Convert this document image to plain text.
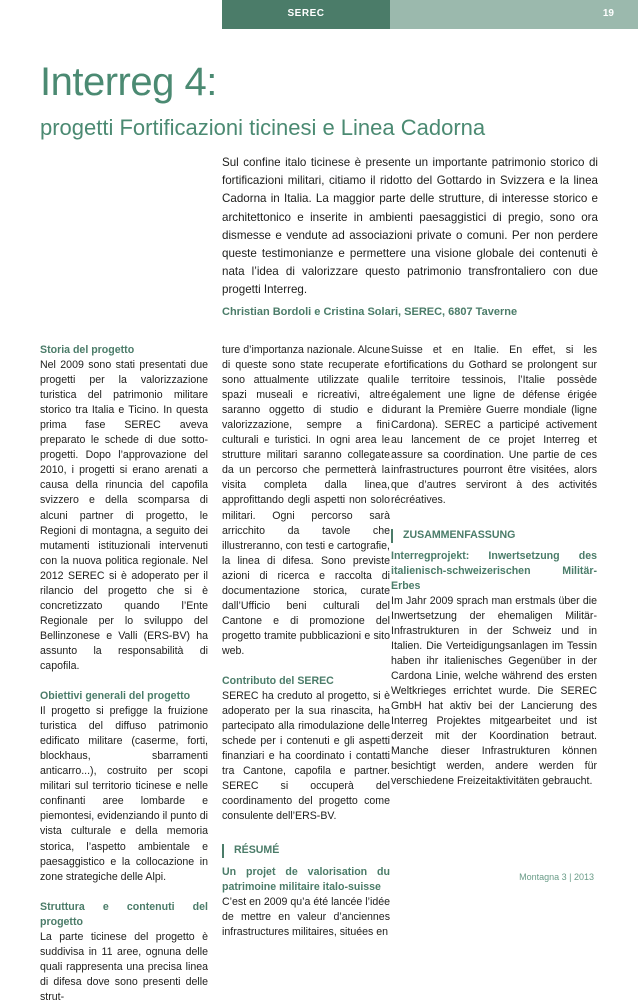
SEREC	19
Interreg 4:
progetti Fortificazioni ticinesi e Linea Cadorna

Sul confine italo ticinese è presente un importante patrimonio storico di fortificazioni militari, citiamo il ridotto del Gottardo in Svizzera e la linea Cadorna in Italia. La maggior parte delle strutture, di interesse storico e architettonico e inserite in ambienti paesaggistici di pregio, sono ora dismesse e vendute ad associazioni private o comuni. Per non perdere queste testimonianze e permettere una visione globale dei contenuti è nata l’idea di valorizzare questo patrimonio transfrontaliero con due progetti Interreg.

Christian Bordoli e Cristina Solari, SEREC, 6807 Taverne

Storia del progetto

Nel 2009 sono stati presentati due progetti per la valorizzazione turistica del patrimonio militare storico tra Italia e Ticino. In questa prima fase SEREC aveva preparato le schede di due sotto-progetti. Dopo l’approvazione del 2010, i progetti si erano arenati a causa della rinuncia del capofila svizzero e della scomparsa di alcuni partner di progetto, le Regioni di montagna, a seguito dei mutamenti istituzionali intervenuti con la nuova politica regionale. Nel 2012 SEREC si è adoperato per il rilancio del progetto che si è concretizzato quando l’Ente Regionale per lo sviluppo del Bellinzonese e Valli (ERS-BV) ha assunto la responsabilità di capofila.

Obiettivi generali del progetto

Il progetto si prefigge la fruizione turistica del diffuso patrimonio edificato militare (caserme, forti, blockhaus, sbarramenti anticarro...), costruito per scopi militari sul territorio ticinese e nelle confinanti aree lombarde e piemontesi, evidenziando il punto di vista culturale e della memoria storica, l’aspetto ambientale e paesaggistico e la collocazione in zone strategiche delle Alpi.

Struttura e contenuti del progetto

La parte ticinese del progetto è suddivisa in 11 aree, ognuna delle quali rappresenta una precisa linea di difesa dove sono presenti delle strut-

ture d’importanza nazionale. Alcune di queste sono state recuperate e sono attualmente utilizzate quali spazi museali e ricreativi, altre saranno oggetto di studio e di valorizzazione, sempre a fini culturali e turistici. In ogni area le strutture militari saranno collegate da un percorso che permetterà la visita completa dalla linea, approfittando degli aspetti non solo militari. Ogni percorso sarà arricchito da tavole che illustreranno, con testi e cartografie, la linea di difesa. Sono previste azioni di ricerca e raccolta di documentazione storica, curate dall’Ufficio beni culturali del Cantone e di promozione del progetto tramite pubblicazioni e sito web.

Contributo del SEREC

SEREC ha creduto al progetto, si è adoperato per la sua rinascita, ha partecipato alla rimodulazione delle schede per i contenuti e gli aspetti finanziari e ha coordinato i contatti tra Cantone, capofila e partner. SEREC si occuperà del coordinamento del progetto come consulente dell’ERS-BV.

RÉSUMÉ

Un projet de valorisation du patrimoine militaire italo-suisse

C’est en 2009 qu’a été lancée l’idée de mettre en valeur d’anciennes infrastructures militaires, situées en

Suisse et en Italie. En effet, si les fortifications du Gothard se prolongent sur le territoire tessinois, l’Italie possède également une ligne de défense érigée durant la Première Guerre mondiale (ligne Cardona). SEREC a participé activement au lancement de ce projet Interreg et assure sa coordination. Une partie de ces infrastructures pourront être visitées, alors que d’autres serviront à des activités récréatives.

ZUSAMMENFASSUNG

Interregprojekt: Inwertsetzung des italienisch-schweizerischen Militär-Erbes

Im Jahr 2009 sprach man erstmals über die Inwertsetzung der ehemaligen Militär-Infrastrukturen in der Schweiz und in Italien. Die Verteidigungsanlagen im Tessin haben ihr italienisches Gegenüber in der Cardona Linie, welche während des ersten Weltkrieges errichtet wurde. Die SEREC GmbH hat aktiv bei der Lancierung des Interreg Projektes mitgearbeitet und ist derzeit mit der Koordination betraut. Manche dieser Infrastrukturen können besichtigt werden, andere werden für verschiedene Freizeitaktivitäten gebraucht.

Montagna 3 | 2013
